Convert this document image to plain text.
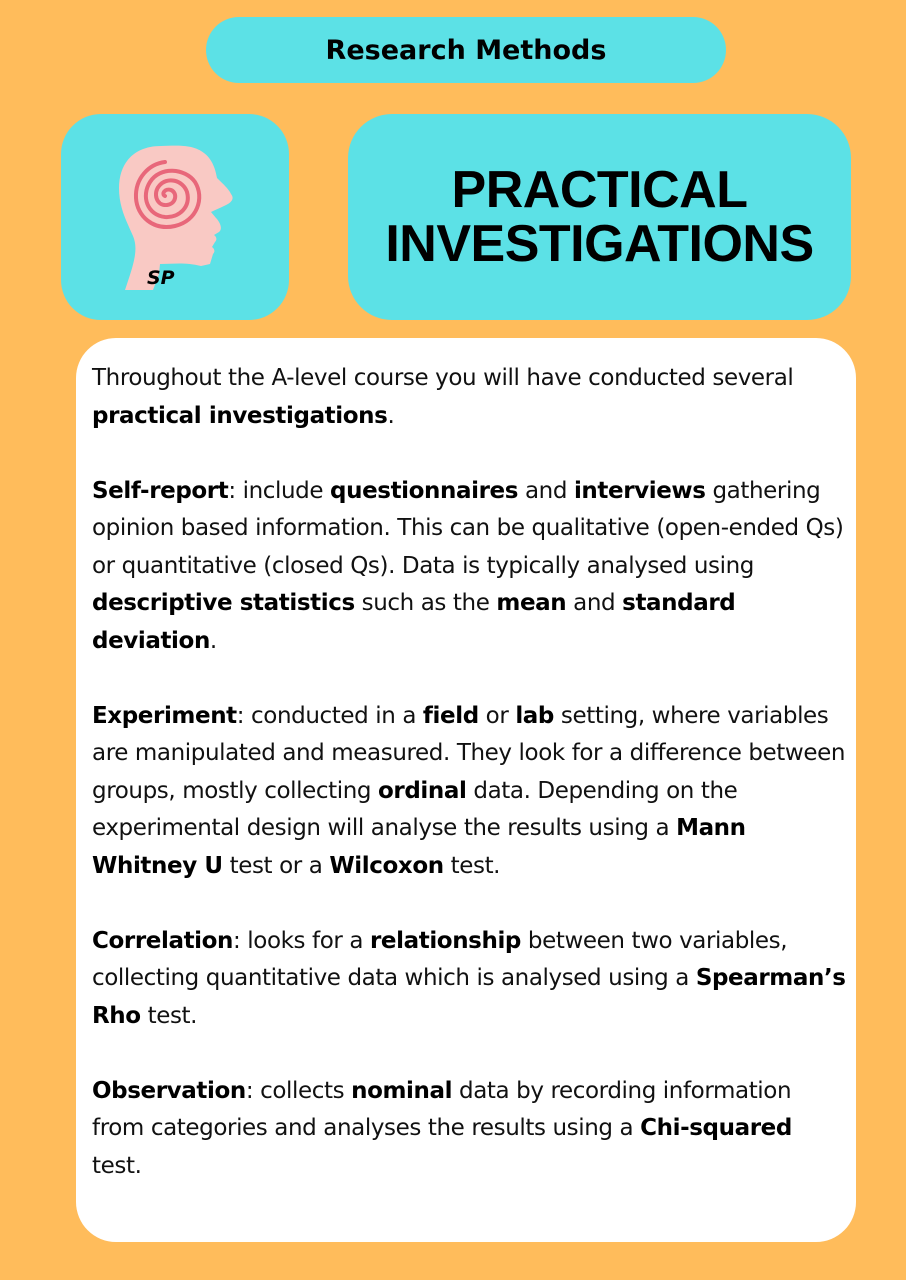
Research Methods
SP
PRACTICAL
INVESTIGATIONS

Throughout the A-level course you will have conducted several practical investigations.

Self-report: include questionnaires and interviews gathering opinion based information. This can be qualitative (open-ended Qs) or quantitative (closed Qs). Data is typically analysed using descriptive statistics such as the mean and standard deviation.

Experiment: conducted in a field or lab setting, where variables are manipulated and measured. They look for a difference between groups, mostly collecting ordinal data. Depending on the experimental design will analyse the results using a Mann Whitney U test or a Wilcoxon test.

Correlation: looks for a relationship between two variables, collecting quantitative data which is analysed using a Spearman’s Rho test.

Observation: collects nominal data by recording information from categories and analyses the results using a Chi-squared test.
